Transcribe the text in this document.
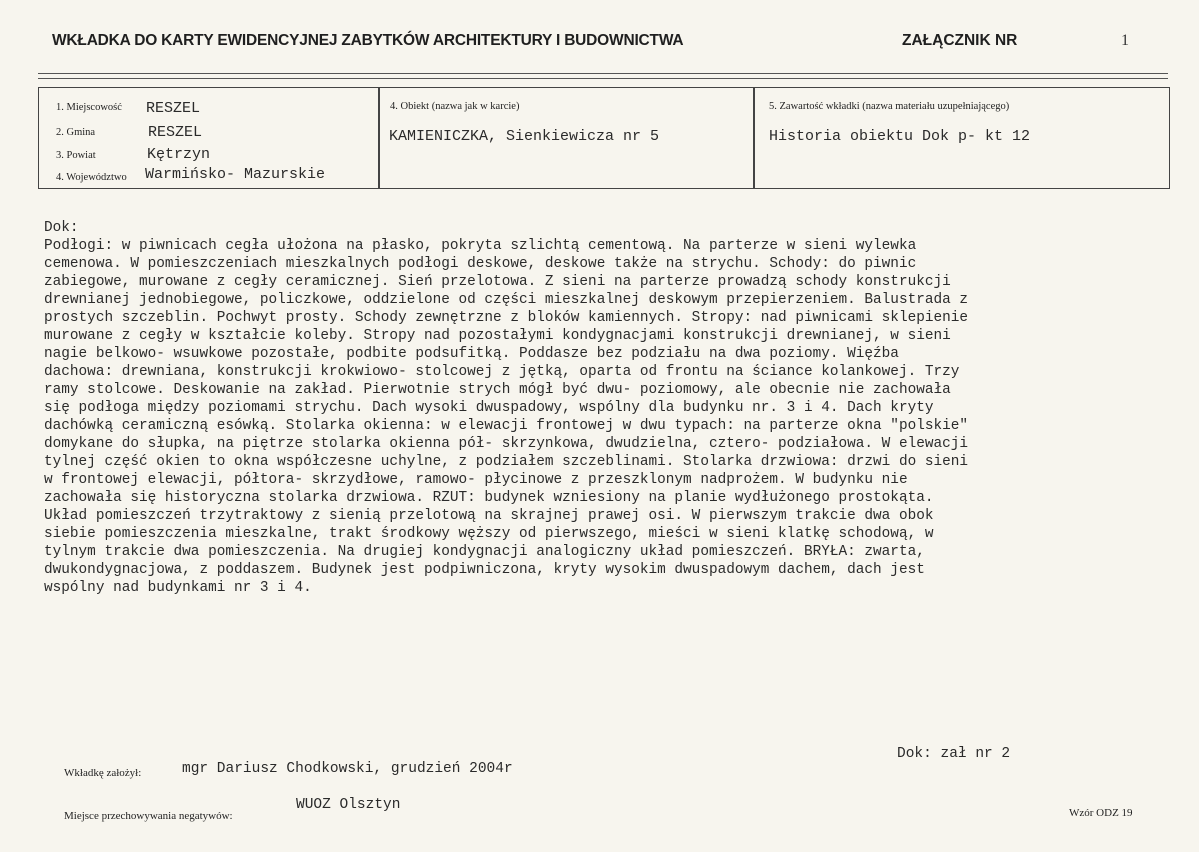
WKŁADKA DO KARTY EWIDENCYJNEJ ZABYTKÓW ARCHITEKTURY I BUDOWNICTWA	ZAŁĄCZNIK NR	1
1. Miejscowość RESZEL
2. Gmina	RESZEL
3. Powiat	Kętrzyn
4. Województwo Warmińsko- Mazurskie
4. Obiekt (nazwa jak w karcie)
KAMIENICZKA, Sienkiewicza nr 5
5. Zawartość wkładki (nazwa materiału uzupełniającego)
Historia obiektu Dok p- kt 12
Dok:
Podłogi: w piwnicach cegła ułożona na płasko, pokryta szlichtą cementową. Na parterze w sieni wylewka
cemenowa. W pomieszczeniach mieszkalnych podłogi deskowe, deskowe także na strychu. Schody: do piwnic
zabiegowe, murowane z cegły ceramicznej. Sień przelotowa. Z sieni na parterze prowadzą schody konstrukcji
drewnianej jednobiegowe, policzkowe, oddzielone od części mieszkalnej deskowym przepierzeniem. Balustrada z
prostych szczeblin. Pochwyt prosty. Schody zewnętrzne z bloków kamiennych. Stropy: nad piwnicami sklepienie
murowane z cegły w kształcie koleby. Stropy nad pozostałymi kondygnacjami konstrukcji drewnianej, w sieni
nagie belkowo- wsuwkowe pozostałe, podbite podsufitką. Poddasze bez podziału na dwa poziomy. Więźba
dachowa: drewniana, konstrukcji krokwiowo- stolcowej z jętką, oparta od frontu na ściance kolankowej. Trzy
ramy stolcowe. Deskowanie na zakład. Pierwotnie strych mógł być dwu- poziomowy, ale obecnie nie zachowała
się podłoga między poziomami strychu. Dach wysoki dwuspadowy, wspólny dla budynku nr. 3 i 4. Dach kryty
dachówką ceramiczną esówką. Stolarka okienna: w elewacji frontowej w dwu typach: na parterze okna "polskie"
domykane do słupka, na piętrze stolarka okienna pół- skrzynkowa, dwudzielna, cztero- podziałowa. W elewacji
tylnej część okien to okna współczesne uchylne, z podziałem szczeblinami. Stolarka drzwiowa: drzwi do sieni
w frontowej elewacji, półtora- skrzydłowe, ramowo- płycinowe z przeszklonym nadprożem. W budynku nie
zachowała się historyczna stolarka drzwiowa. RZUT: budynek wzniesiony na planie wydłużonego prostokąta.
Układ pomieszczeń trzytraktowy z sienią przelotową na skrajnej prawej osi. W pierwszym trakcie dwa obok
siebie pomieszczenia mieszkalne, trakt środkowy węższy od pierwszego, mieści w sieni klatkę schodową, w
tylnym trakcie dwa pomieszczenia. Na drugiej kondygnacji analogiczny układ pomieszczeń. BRYŁA: zwarta,
dwukondygnacjowa, z poddaszem. Budynek jest podpiwniczona, kryty wysokim dwuspadowym dachem, dach jest
wspólny nad budynkami nr 3 i 4.
Dok: zał nr 2
Wkładkę założył:	mgr Dariusz Chodkowski, grudzień 2004r
Miejsce przechowywania negatywów:
WUOZ Olsztyn	Wzór ODZ 19
